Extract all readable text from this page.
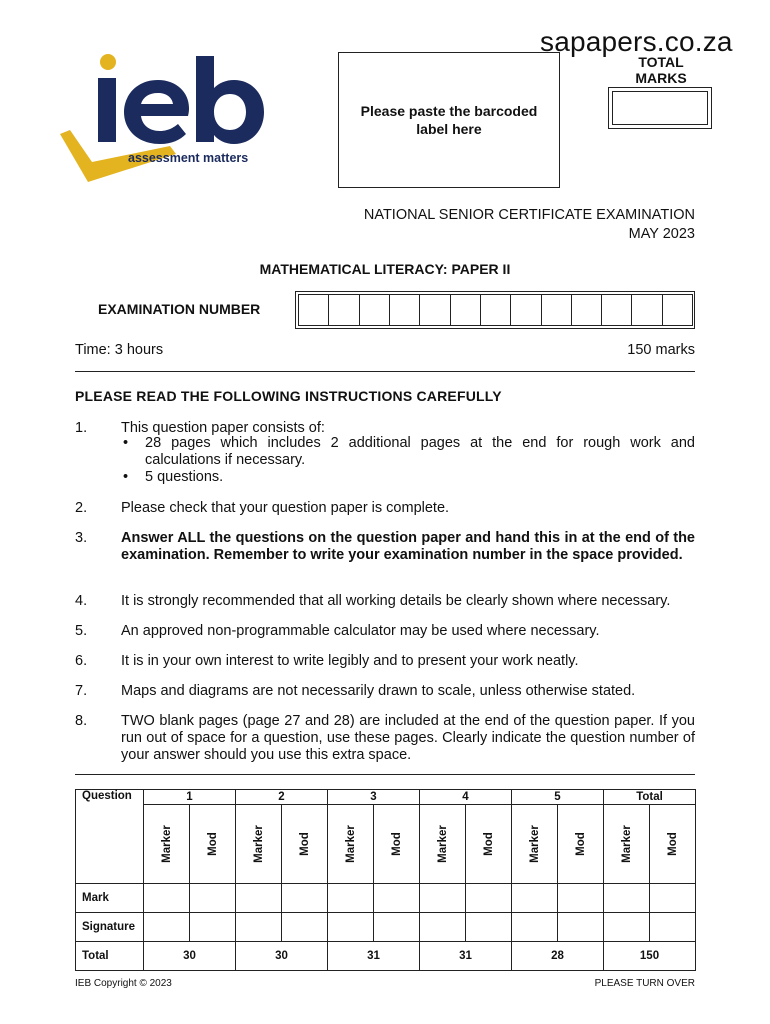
sapapers.co.za
assessment matters
Please paste the barcoded
label here
TOTAL
MARKS
NATIONAL SENIOR CERTIFICATE EXAMINATION
MAY 2023
MATHEMATICAL LITERACY: PAPER II
EXAMINATION NUMBER
Time: 3 hours	150 marks
PLEASE READ THE FOLLOWING INSTRUCTIONS CAREFULLY
1. This question paper consists of:
•	28 pages which includes 2 additional pages at the end for rough work and calculations if necessary.
•	5 questions.
2. Please check that your question paper is complete.
3. Answer ALL the questions on the question paper and hand this in at the end of the examination. Remember to write your examination number in the space provided.
4. It is strongly recommended that all working details be clearly shown where necessary.
5. An approved non-programmable calculator may be used where necessary.
6. It is in your own interest to write legibly and to present your work neatly.
7. Maps and diagrams are not necessarily drawn to scale, unless otherwise stated.
8. TWO blank pages (page 27 and 28) are included at the end of the question paper. If you run out of space for a question, use these pages. Clearly indicate the question number of your answer should you use this extra space.
Question	1		2		3		4		5		Total	

	Marker	Mod	Marker	Mod	Marker	Mod	Marker	Mod	Marker	Mod	Marker	Mod

Mark												
Signature												
Total	30		30		31		31		28		150	
IEB Copyright © 2023	PLEASE TURN OVER
